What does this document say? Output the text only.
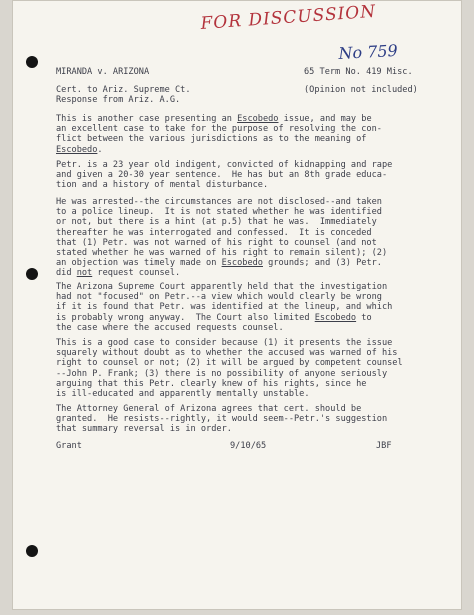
FOR DISCUSSION
No 759
MIRANDA v. ARIZONA	65 Term No. 419 Misc.
Cert. to Ariz. Supreme Ct.	(Opinion not included)
Response from Ariz. A.G.
This is another case presenting an Escobedo issue, and may be
an excellent case to take for the purpose of resolving the con-
flict between the various jurisdictions as to the meaning of
Escobedo.
Petr. is a 23 year old indigent, convicted of kidnapping and rape
and given a 20-30 year sentence.  He has but an 8th grade educa-
tion and a history of mental disturbance.
He was arrested--the circumstances are not disclosed--and taken
to a police lineup.  It is not stated whether he was identified
or not, but there is a hint (at p.5) that he was.  Immediately
thereafter he was interrogated and confessed.  It is conceded
that (1) Petr. was not warned of his right to counsel (and not
stated whether he was warned of his right to remain silent); (2)
an objection was timely made on Escobedo grounds; and (3) Petr.
did not request counsel.
The Arizona Supreme Court apparently held that the investigation
had not "focused" on Petr.--a view which would clearly be wrong
if it is found that Petr. was identified at the lineup, and which
is probably wrong anyway.  The Court also limited Escobedo to
the case where the accused requests counsel.
This is a good case to consider because (1) it presents the issue
squarely without doubt as to whether the accused was warned of his
right to counsel or not; (2) it will be argued by competent counsel
--John P. Frank; (3) there is no possibility of anyone seriously
arguing that this Petr. clearly knew of his rights, since he
is ill-educated and apparently mentally unstable.
The Attorney General of Arizona agrees that cert. should be
granted.  He resists--rightly, it would seem--Petr.'s suggestion
that summary reversal is in order.
Grant	9/10/65	JBF
